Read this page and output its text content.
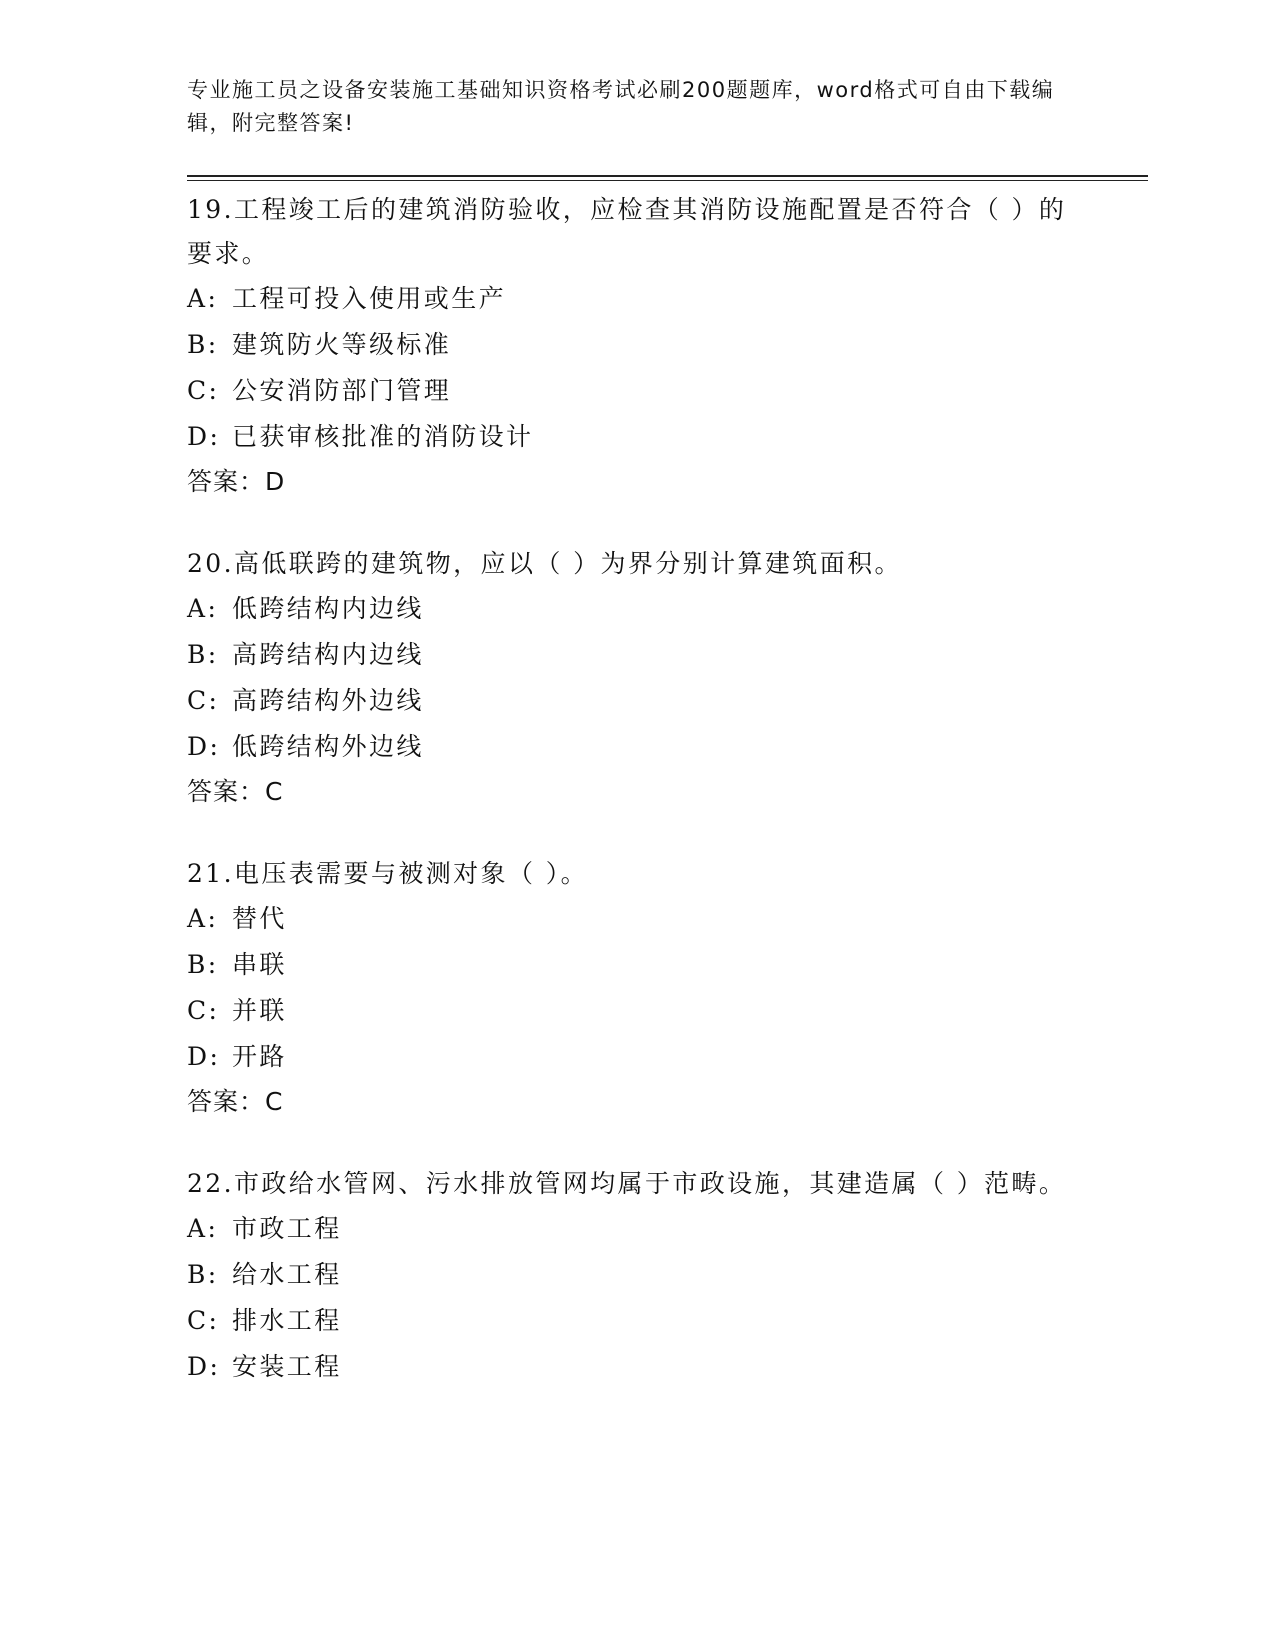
专业施工员之设备安装施工基础知识资格考试必刷200题题库，word格式可自由下载编辑，附完整答案!

19.工程竣工后的建筑消防验收，应检查其消防设施配置是否符合（ ）的要求。

A: 工程可投入使用或生产

B: 建筑防火等级标准

C: 公安消防部门管理

D: 已获审核批准的消防设计

答案：D

20.高低联跨的建筑物，应以（ ）为界分别计算建筑面积。

A: 低跨结构内边线

B: 高跨结构内边线

C: 高跨结构外边线

D: 低跨结构外边线

答案：C

21.电压表需要与被测对象（ ）。

A: 替代

B: 串联

C: 并联

D: 开路

答案：C

22.市政给水管网、污水排放管网均属于市政设施，其建造属（ ）范畴。

A: 市政工程

B: 给水工程

C: 排水工程

D: 安装工程
